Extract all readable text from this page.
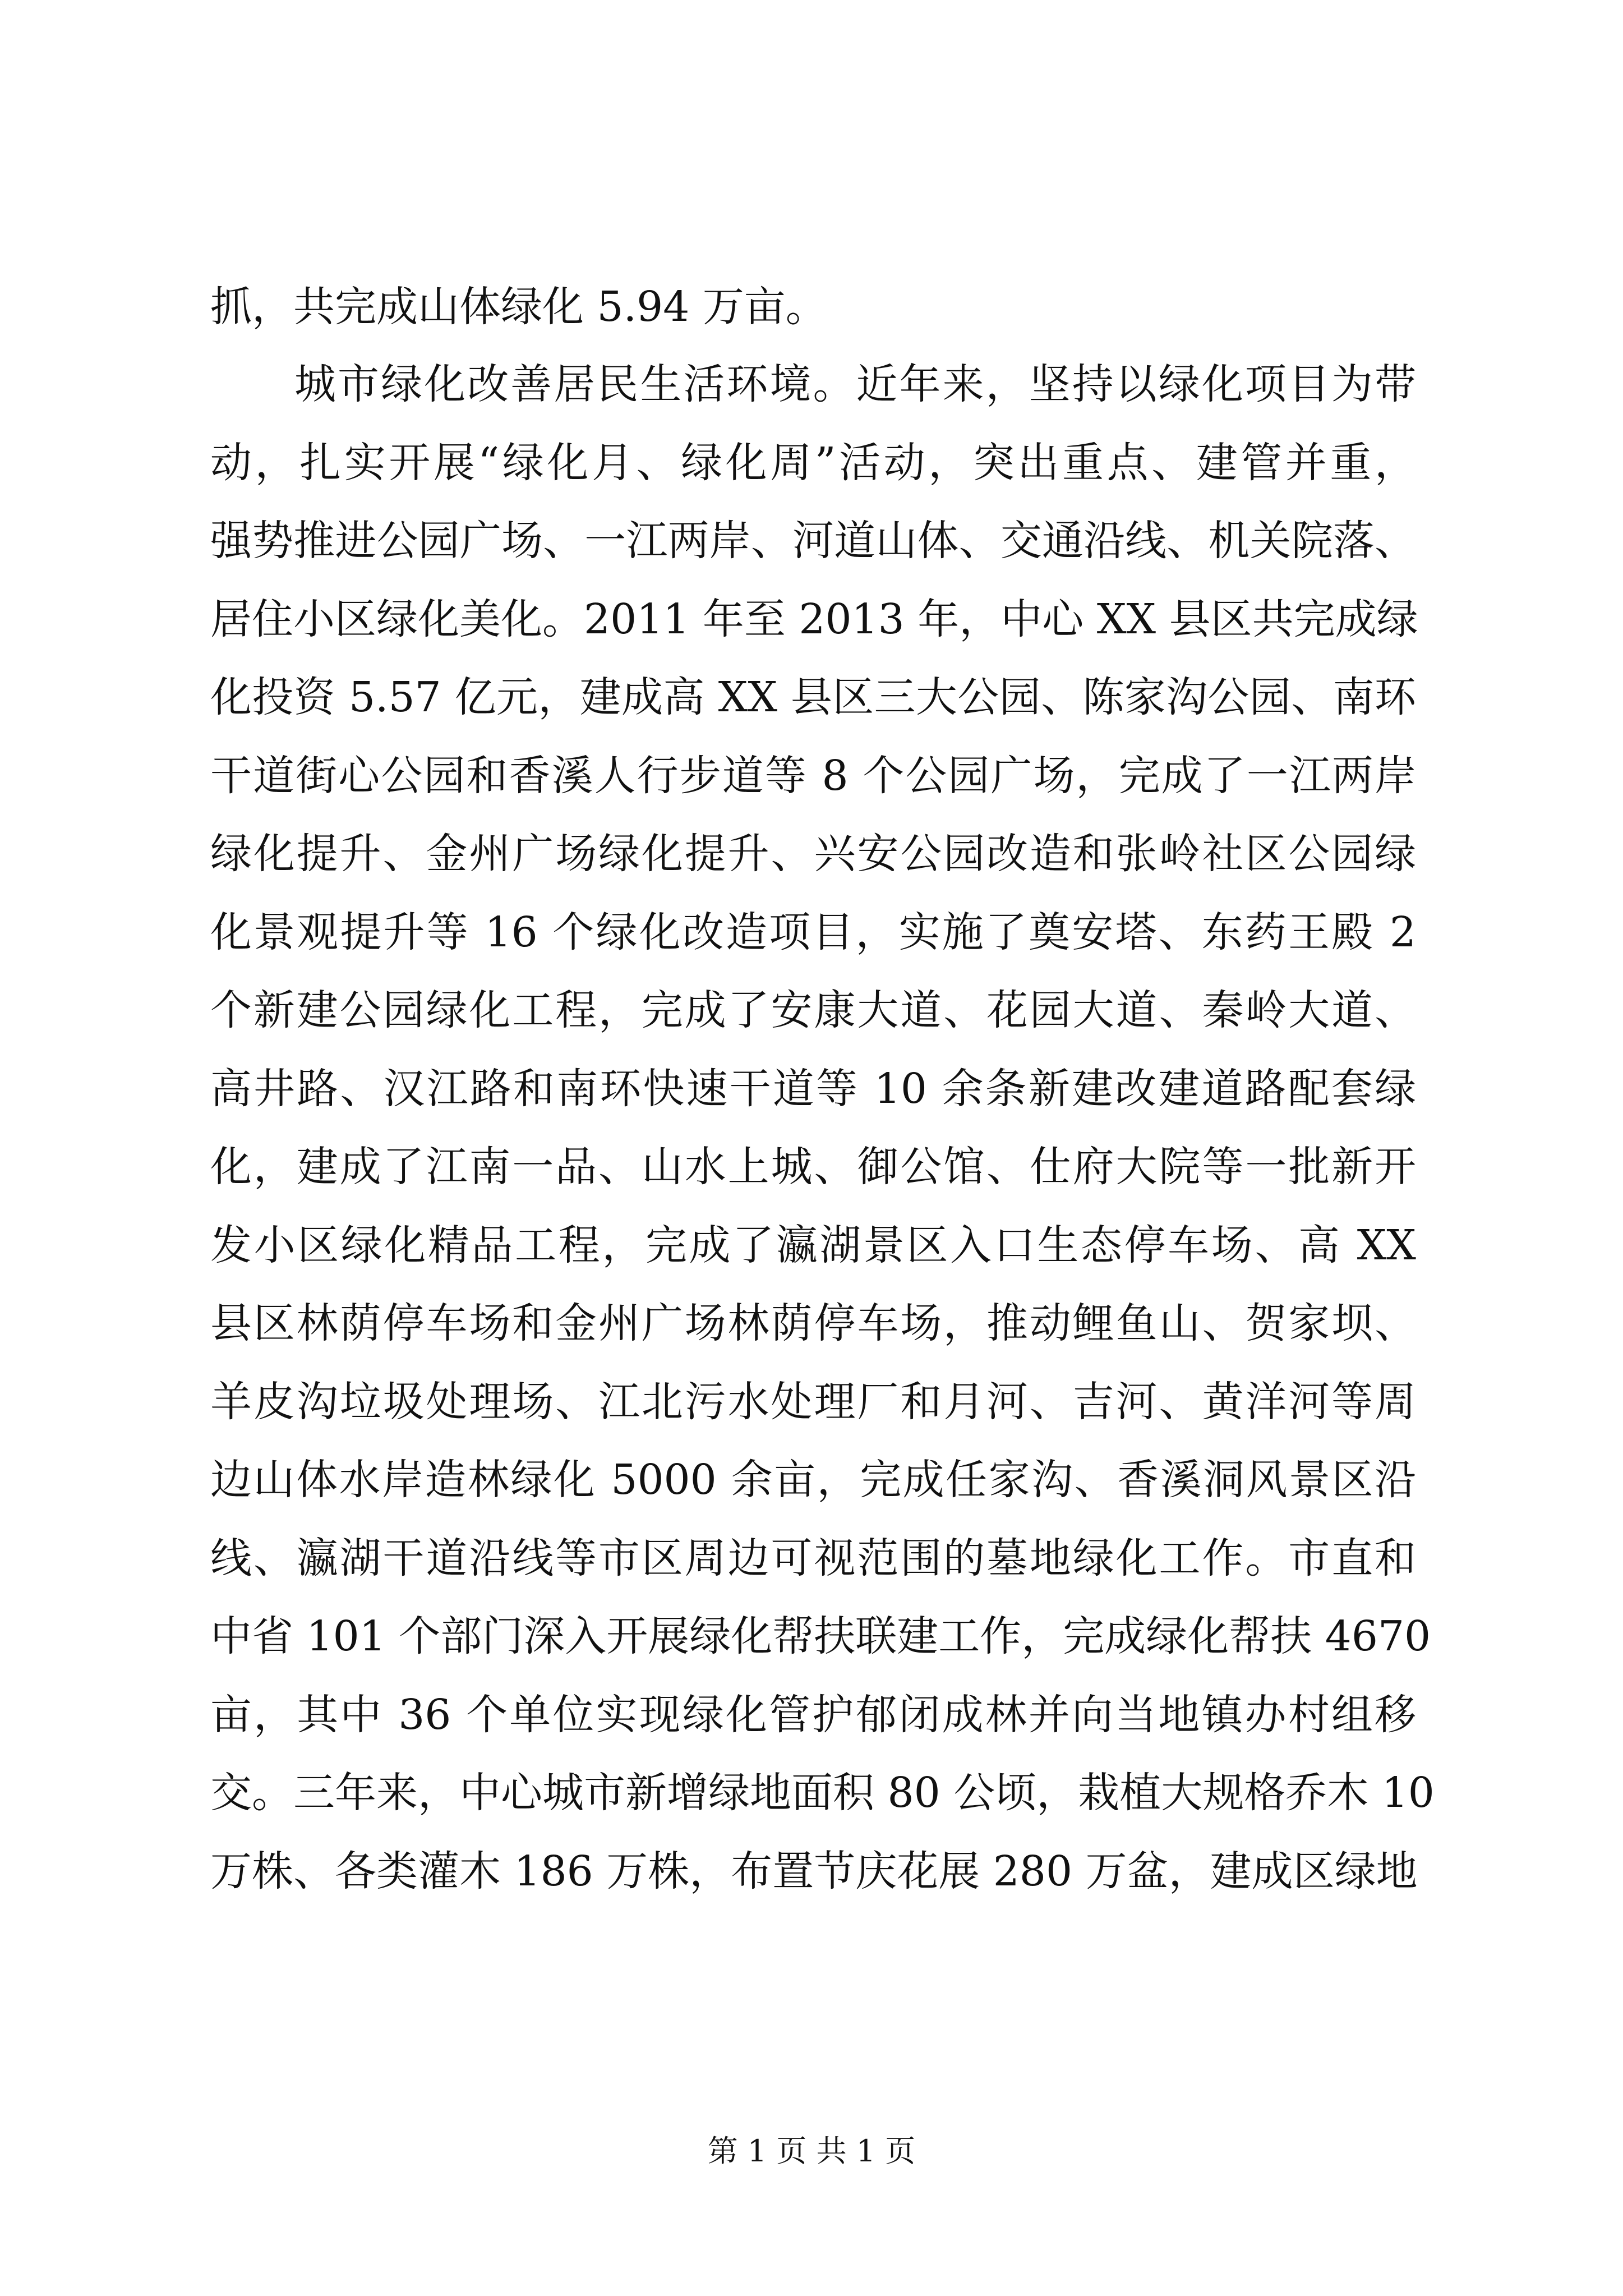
抓，共完成山体绿化 5.94 万亩。
城市绿化改善居民生活环境。近年来，坚持以绿化项目为带
动，扎实开展“绿化月、绿化周”活动，突出重点、建管并重，
强势推进公园广场、一江两岸、河道山体、交通沿线、机关院落、
居住小区绿化美化。2011 年至 2013 年，中心 XX 县区共完成绿
化投资 5.57 亿元，建成高 XX 县区三大公园、陈家沟公园、南环
干道街心公园和香溪人行步道等 8 个公园广场，完成了一江两岸
绿化提升、金州广场绿化提升、兴安公园改造和张岭社区公园绿
化景观提升等 16 个绿化改造项目，实施了奠安塔、东药王殿 2
个新建公园绿化工程，完成了安康大道、花园大道、秦岭大道、
高井路、汉江路和南环快速干道等 10 余条新建改建道路配套绿
化，建成了江南一品、山水上城、御公馆、仕府大院等一批新开
发小区绿化精品工程，完成了瀛湖景区入口生态停车场、高 XX
县区林荫停车场和金州广场林荫停车场，推动鲤鱼山、贺家坝、
羊皮沟垃圾处理场、江北污水处理厂和月河、吉河、黄洋河等周
边山体水岸造林绿化 5000 余亩，完成任家沟、香溪洞风景区沿
线、瀛湖干道沿线等市区周边可视范围的墓地绿化工作。市直和
中省 101 个部门深入开展绿化帮扶联建工作，完成绿化帮扶 4670
亩，其中 36 个单位实现绿化管护郁闭成林并向当地镇办村组移
交。三年来，中心城市新增绿地面积 80 公顷，栽植大规格乔木 10
万株、各类灌木 186 万株，布置节庆花展 280 万盆，建成区绿地
第 1 页 共 1 页
